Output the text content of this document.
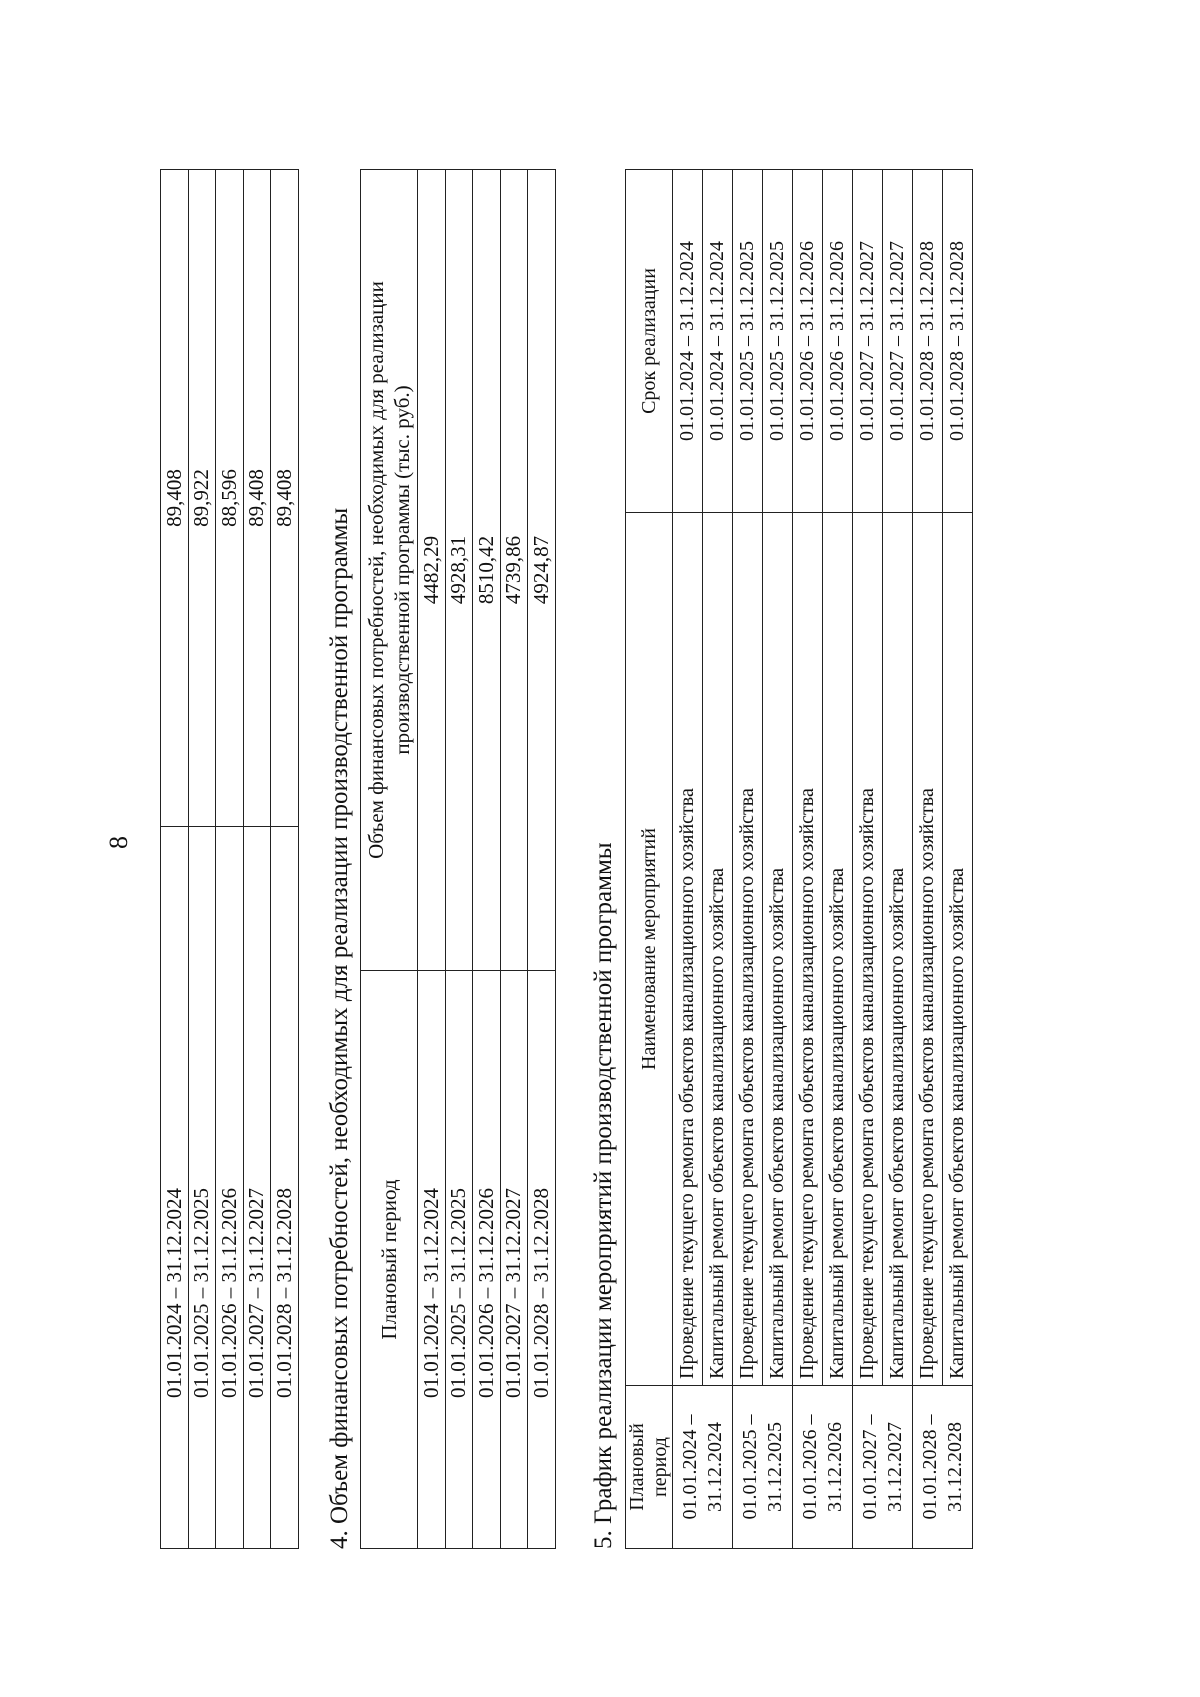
8
01.01.2024 – 31.12.2024	89,408
01.01.2025 – 31.12.2025	89,922
01.01.2026 – 31.12.2026	88,596
01.01.2027 – 31.12.2027	89,408
01.01.2028 – 31.12.2028	89,408
4. Объем финансовых потребностей, необходимых для реализации производственной программы Плановый период	Объем финансовых потребностей, необходимых для реализации производственной программы (тыс. руб.)
01.01.2024 – 31.12.2024	4482,29
01.01.2025 – 31.12.2025	4928,31
01.01.2026 – 31.12.2026	8510,42
01.01.2027 – 31.12.2027	4739,86
01.01.2028 – 31.12.2028	4924,87
5. График реализации мероприятий производственной программы Плановый период	Наименование мероприятий	Срок реализации

01.01.2024 – 31.12.2024	Проведение текущего ремонта объектов канализационного хозяйства	01.01.2024 – 31.12.2024
	Капитальный ремонт объектов канализационного хозяйства	01.01.2024 – 31.12.2024

01.01.2025 – 31.12.2025	Проведение текущего ремонта объектов канализационного хозяйства	01.01.2025 – 31.12.2025
	Капитальный ремонт объектов канализационного хозяйства	01.01.2025 – 31.12.2025

01.01.2026 – 31.12.2026	Проведение текущего ремонта объектов канализационного хозяйства	01.01.2026 – 31.12.2026
	Капитальный ремонт объектов канализационного хозяйства	01.01.2026 – 31.12.2026

01.01.2027 – 31.12.2027	Проведение текущего ремонта объектов канализационного хозяйства	01.01.2027 – 31.12.2027
	Капитальный ремонт объектов канализационного хозяйства	01.01.2027 – 31.12.2027

01.01.2028 – 31.12.2028	Проведение текущего ремонта объектов канализационного хозяйства	01.01.2028 – 31.12.2028
	Капитальный ремонт объектов канализационного хозяйства	01.01.2028 – 31.12.2028
